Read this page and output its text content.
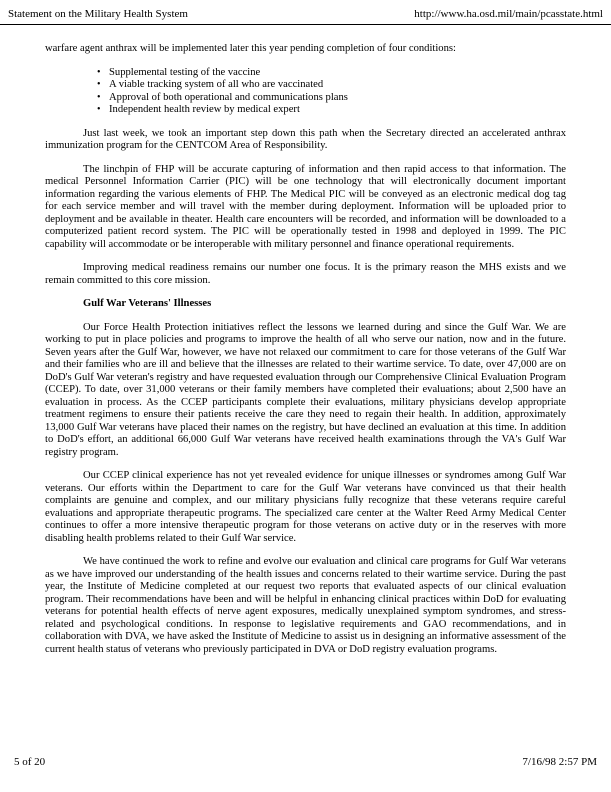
Statement on the Military Health System	http://www.ha.osd.mil/main/pcasstate.html

warfare agent anthrax will be implemented later this year pending completion of four conditions:

• Supplemental testing of the vaccine
• A viable tracking system of all who are vaccinated
• Approval of both operational and communications plans
• Independent health review by medical expert

Just last week, we took an important step down this path when the Secretary directed an accelerated anthrax immunization program for the CENTCOM Area of Responsibility.

The linchpin of FHP will be accurate capturing of information and then rapid access to that information. The medical Personnel Information Carrier (PIC) will be one technology that will electronically document important information regarding the various elements of FHP. The Medical PIC will be conveyed as an electronic medical dog tag for each service member and will travel with the member during deployment. Information will be uploaded prior to deployment and be available in theater. Health care encounters will be recorded, and information will be downloaded to a computerized patient record system. The PIC will be operationally tested in 1998 and deployed in 1999. The PIC capability will accommodate or be interoperable with military personnel and finance operational requirements.

Improving medical readiness remains our number one focus. It is the primary reason the MHS exists and we remain committed to this core mission.

Gulf War Veterans' Illnesses

Our Force Health Protection initiatives reflect the lessons we learned during and since the Gulf War. We are working to put in place policies and programs to improve the health of all who serve our nation, now and in the future. Seven years after the Gulf War, however, we have not relaxed our commitment to care for those veterans of the Gulf War and their families who are ill and believe that the illnesses are related to their wartime service. To date, over 47,000 are on DoD's Gulf War veteran's registry and have requested evaluation through our Comprehensive Clinical Evaluation Program (CCEP). To date, over 31,000 veterans or their family members have completed their evaluations; about 2,500 have an evaluation in process. As the CCEP participants complete their evaluations, military physicians develop appropriate treatment regimens to ensure their patients receive the care they need to regain their health. In addition, approximately 13,000 Gulf War veterans have placed their names on the registry, but have declined an evaluation at this time. In addition to DoD's effort, an additional 66,000 Gulf War veterans have received health examinations through the VA's Gulf War registry program.

Our CCEP clinical experience has not yet revealed evidence for unique illnesses or syndromes among Gulf War veterans. Our efforts within the Department to care for the Gulf War veterans have convinced us that their health complaints are genuine and complex, and our military physicians fully recognize that these veterans require careful evaluations and appropriate therapeutic programs. The specialized care center at the Walter Reed Army Medical Center continues to offer a more intensive therapeutic program for those veterans on active duty or in the reserves with more disabling health problems related to their Gulf War service.

We have continued the work to refine and evolve our evaluation and clinical care programs for Gulf War veterans as we have improved our understanding of the health issues and concerns related to their wartime service. During the past year, the Institute of Medicine completed at our request two reports that evaluated aspects of our clinical evaluation program. Their recommendations have been and will be helpful in enhancing clinical practices within DoD for evaluating veterans for potential health effects of nerve agent exposures, medically unexplained symptom syndromes, and stress-related and psychological conditions. In response to legislative requirements and GAO recommendations, and in collaboration with DVA, we have asked the Institute of Medicine to assist us in designing an informative assessment of the current health status of veterans who previously participated in DVA or DoD registry evaluation programs.

5 of 20	7/16/98 2:57 PM
